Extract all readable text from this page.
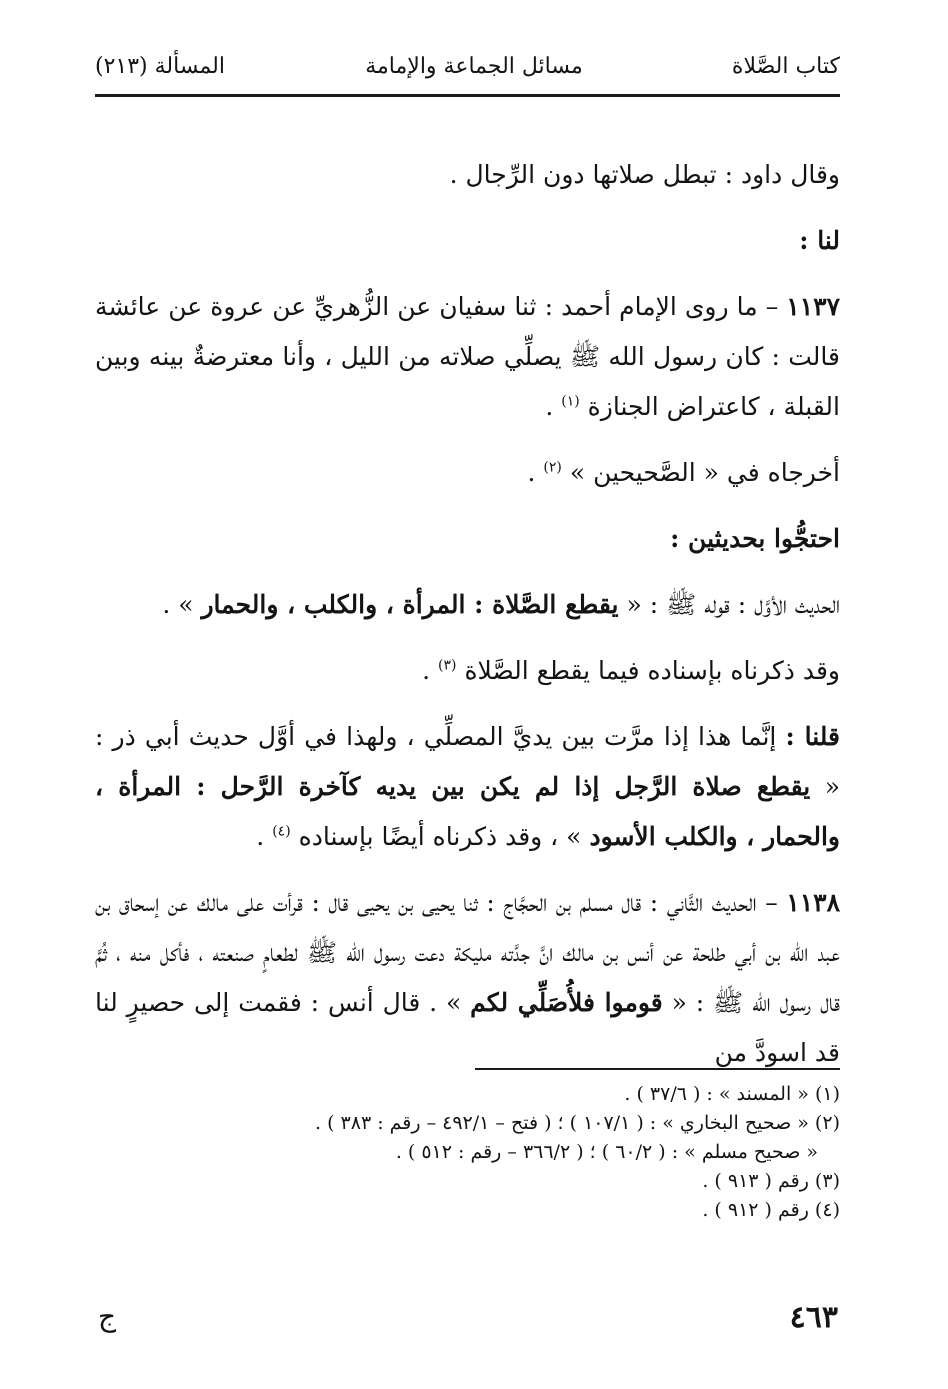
كتاب الصَّلاة
مسائل الجماعة والإمامة
المسألة (٢١٣)

وقال داود : تبطل صلاتها دون الرِّجال .

لنا :

١١٣٧ – ما روى الإمام أحمد : ثنا سفيان عن الزُّهريِّ عن عروة عن عائشة قالت : كان رسول الله ﷺ يصلِّي صلاته من الليل ، وأنا معترضةٌ بينه وبين القبلة ، كاعتراض الجنازة $^{(١)}$ .

أخرجاه في « الصَّحيحين » $^{(٢)}$ .

احتجُّوا بحديثين :

الحديث الأوَّل : قوله ﷺ : « يقطع الصَّلاة : المرأة ، والكلب ، والحمار » .

وقد ذكرناه بإسناده فيما يقطع الصَّلاة $^{(٣)}$ .

قلنا : إنَّما هذا إذا مرَّت بين يديَّ المصلِّي ، ولهذا في أوَّل حديث أبي ذر : « يقطع صلاة الرَّجل إذا لم يكن بين يديه كآخرة الرَّحل : المرأة ، والحمار ، والكلب الأسود » ، وقد ذكرناه أيضًا بإسناده $^{(٤)}$ .

١١٣٨ – الحديث الثَّاني : قال مسلم بن الحجَّاج : ثنا يحيى بن يحيى قال : قرأت على مالك عن إسحاق بن عبد الله بن أبي طلحة عن أنس بن مالك انَّ جدَّته مليكة دعت رسول الله ﷺ لطعامٍ صنعته ، فأكل منه ، ثُمَّ قال رسول الله ﷺ : « قوموا فلأُصَلِّي لكم » . قال أنس : فقمت إلى حصيرٍ لنا قد اسودَّ من

(١) « المسند » : ( ٣٧/٦ ) .

(٢) « صحيح البخاري » : ( ١٠٧/١ ) ؛ ( فتح – ٤٩٢/١ – رقم : ٣٨٣ ) .

« صحيح مسلم » : ( ٦٠/٢ ) ؛ ( ٣٦٦/٢ – رقم : ٥١٢ ) .

(٣) رقم ( ٩١٣ ) .

(٤) رقم ( ٩١٢ ) .

٤٦٣
ج
